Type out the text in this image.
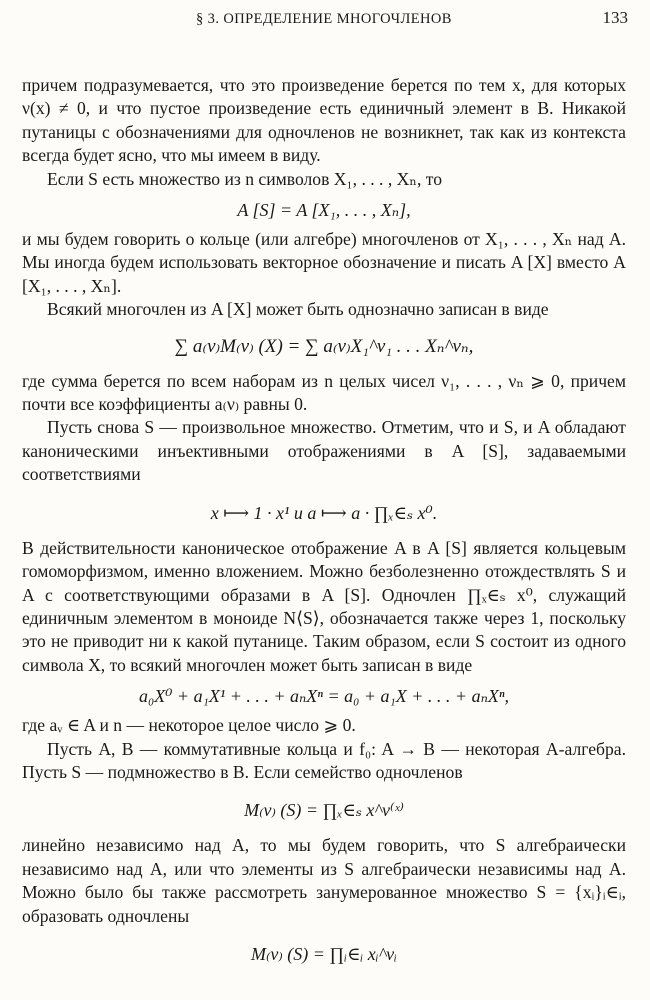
§ 3. ОПРЕДЕЛЕНИЕ МНОГОЧЛЕНОВ	133

причем подразумевается, что это произведение берется по тем x, для которых ν(x) ≠ 0, и что пустое произведение есть единичный элемент в B. Никакой путаницы с обозначениями для одночленов не возникнет, так как из контекста всегда будет ясно, что мы имеем в виду.

Если S есть множество из n символов X₁, . . . , Xₙ, то

A [S] = A [X₁, . . . , Xₙ],

и мы будем говорить о кольце (или алгебре) многочленов от X₁, . . . , Xₙ над A. Мы иногда будем использовать векторное обозначение и писать A [X] вместо A [X₁, . . . , Xₙ].

Всякий многочлен из A [X] может быть однозначно записан в виде

∑ a₍ν₎M₍ν₎ (X) = ∑ a₍ν₎X₁^ν₁ . . . Xₙ^νₙ,

где сумма берется по всем наборам из n целых чисел ν₁, . . . , νₙ ⩾ 0, причем почти все коэффициенты a₍ν₎ равны 0.

Пусть снова S — произвольное множество. Отметим, что и S, и A обладают каноническими инъективными отображениями в A [S], задаваемыми соответствиями

x ⟼ 1 · x¹ и a ⟼ a · ∏ₓ∈ₛ x⁰.

В действительности каноническое отображение A в A [S] является кольцевым гомоморфизмом, именно вложением. Можно безболезненно отождествлять S и A с соответствующими образами в A [S]. Одночлен ∏ₓ∈ₛ x⁰, служащий единичным элементом в моноиде N⟨S⟩, обозначается также через 1, поскольку это не приводит ни к какой путанице. Таким образом, если S состоит из одного символа X, то всякий многочлен может быть записан в виде

a₀X⁰ + a₁X¹ + . . . + aₙXⁿ = a₀ + a₁X + . . . + aₙXⁿ,

где aᵥ ∈ A и n — некоторое целое число ⩾ 0.

Пусть A, B — коммутативные кольца и f₀: A → B — некоторая A-алгебра. Пусть S — подмножество в B. Если семейство одночленов

M₍ν₎ (S) = ∏ₓ∈ₛ x^ν⁽ˣ⁾

линейно независимо над A, то мы будем говорить, что S алгебраически независимо над A, или что элементы из S алгебраически независимы над A. Можно было бы также рассмотреть занумерованное множество S = {xᵢ}ᵢ∈ᵢ, образовать одночлены

M₍ν₎ (S) = ∏ᵢ∈ᵢ xᵢ^νᵢ
